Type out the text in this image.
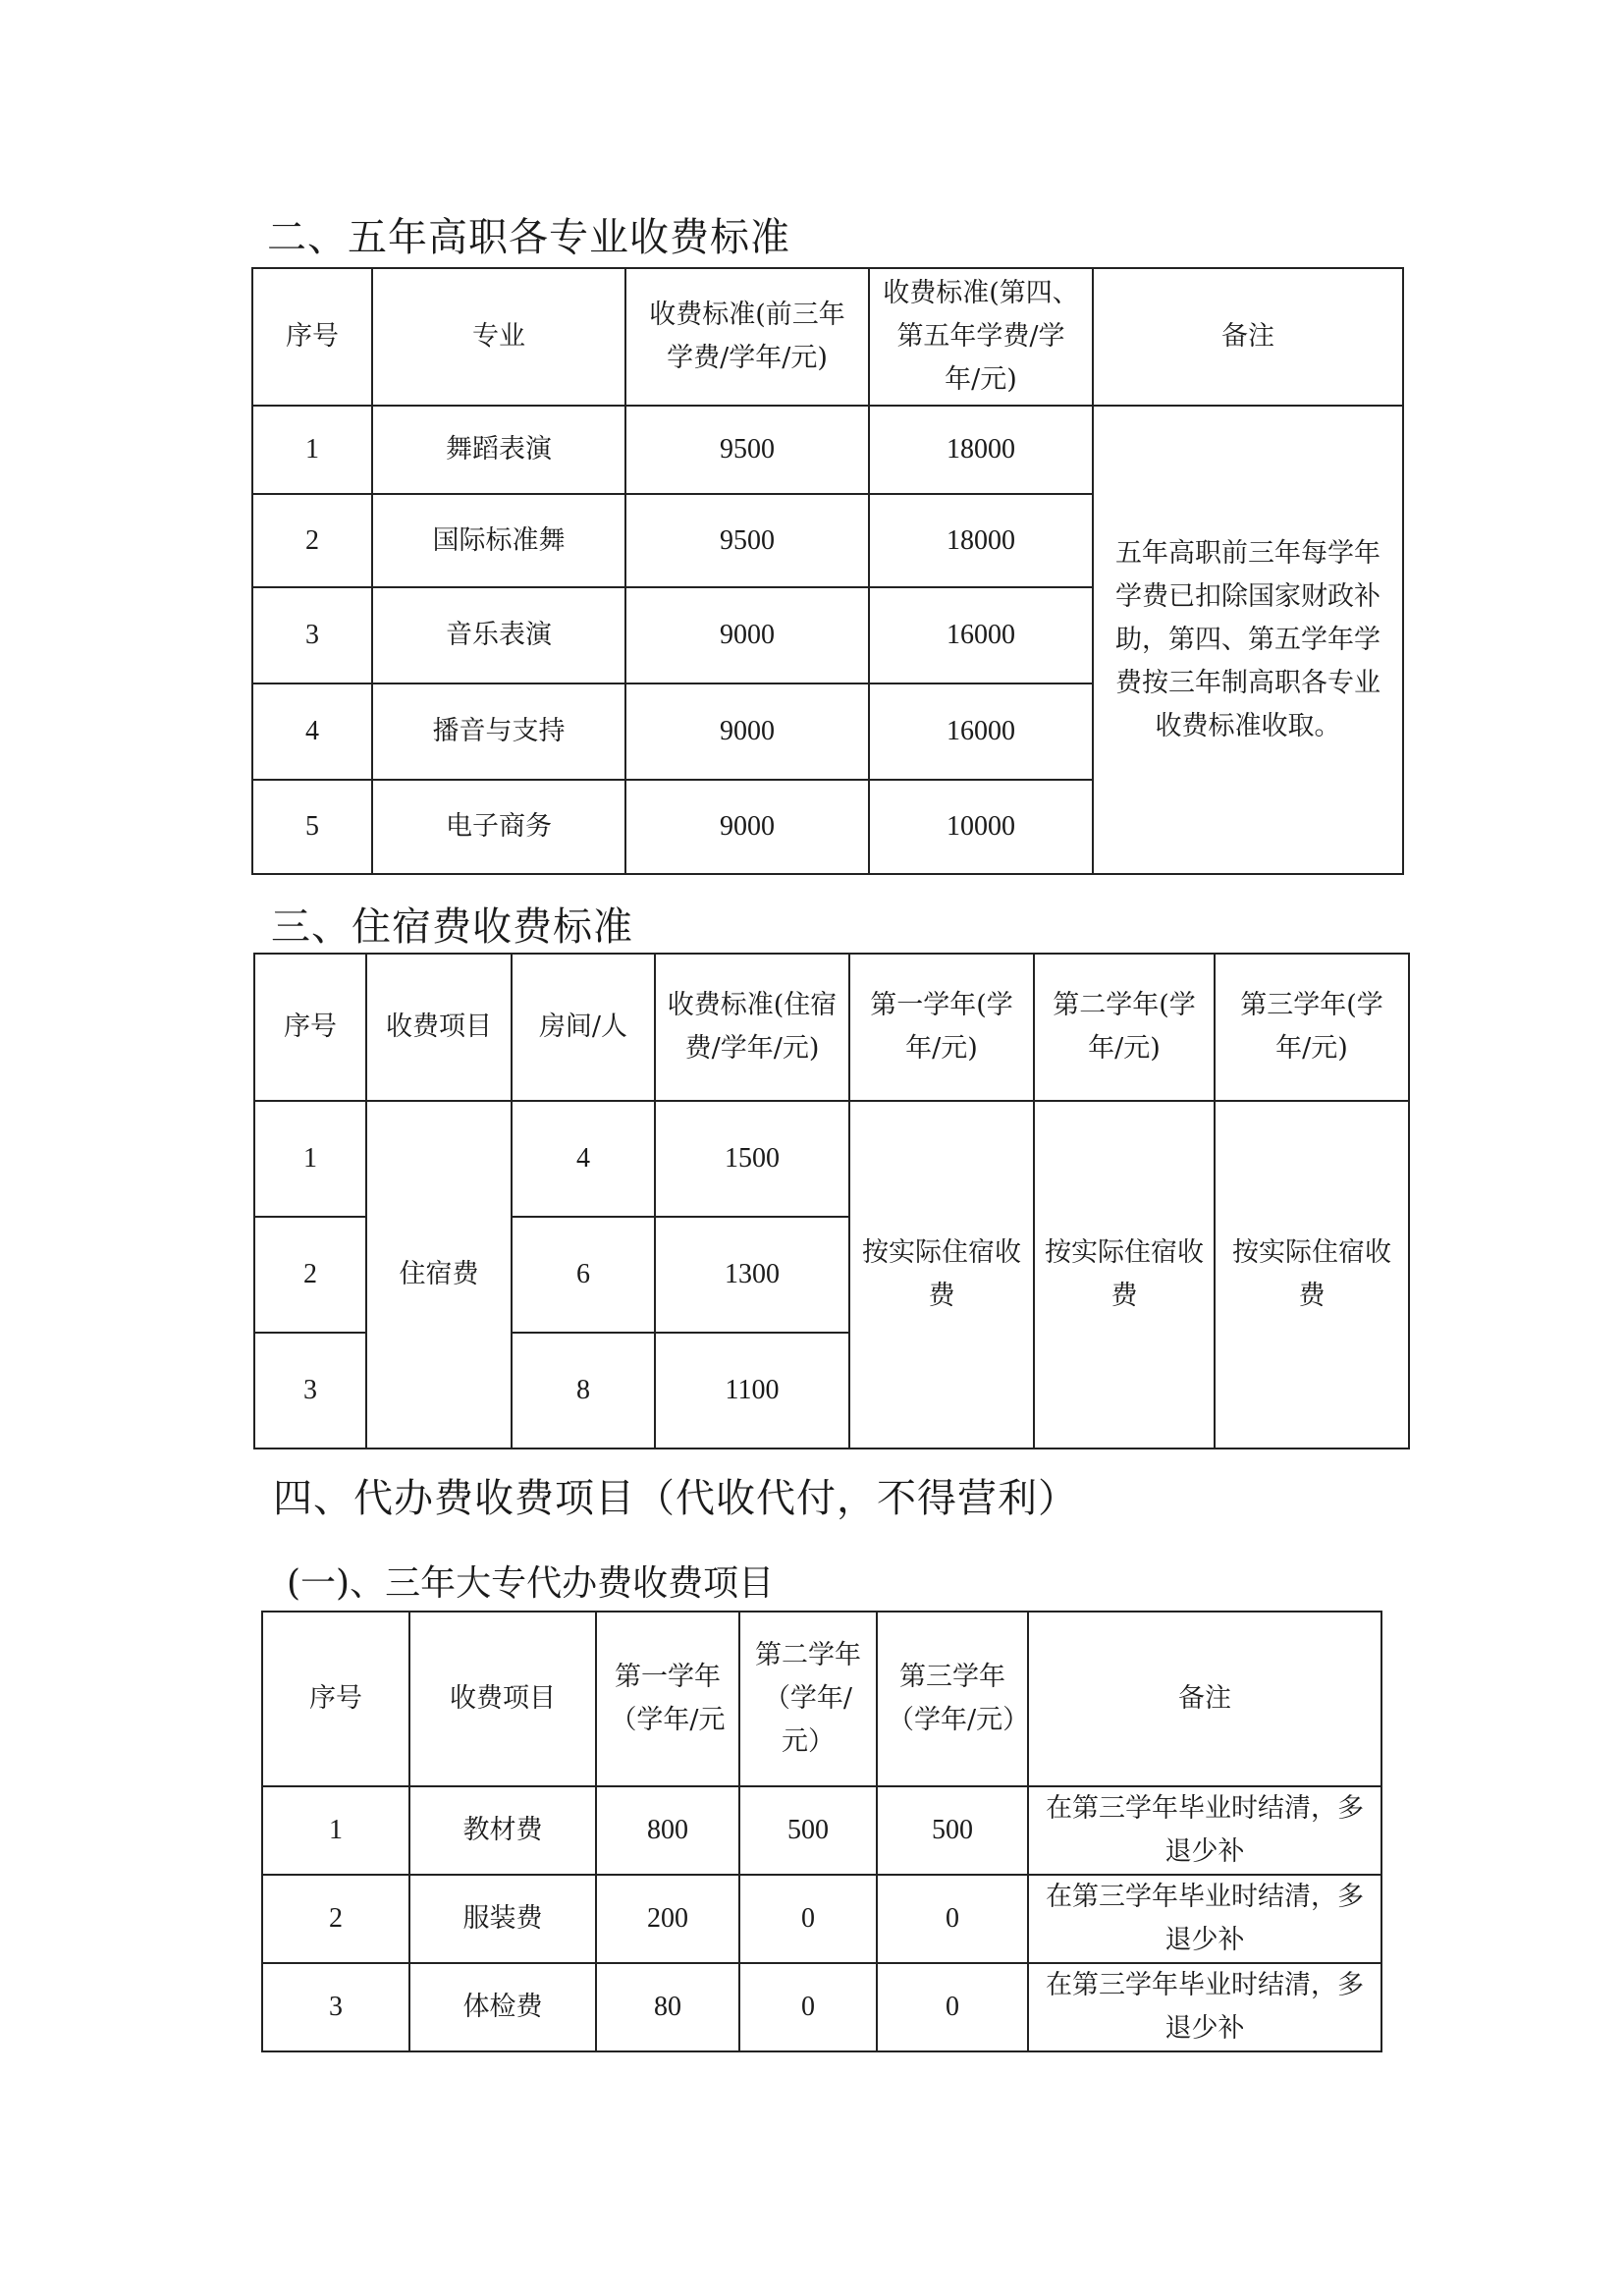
二、五年高职各专业收费标准
序号	专业	收费标准(前三年学费/学年/元)	收费标准(第四、第五年学费/学年/元)	备注
1	舞蹈表演	9500	18000	五年高职前三年每学年学费已扣除国家财政补助，第四、第五学年学费按三年制高职各专业收费标准收取。
2	国际标准舞	9500	18000	
3	音乐表演	9000	16000	
4	播音与支持	9000	16000	
5	电子商务	9000	10000	
三、住宿费收费标准
序号	收费项目	房间/人	收费标准(住宿费/学年/元)	第一学年(学年/元)	第二学年(学年/元)	第三学年(学年/元)
1	住宿费	4	1500	按实际住宿收费	按实际住宿收费	按实际住宿收费
2		6	1300			
3		8	1100			
四、代办费收费项目（代收代付，不得营利）
(一)、三年大专代办费收费项目
序号	收费项目	第一学年（学年/元	第二学年（学年/元）	第三学年（学年/元）	备注
1	教材费	800	500	500	在第三学年毕业时结清，多退少补
2	服装费	200	0	0	在第三学年毕业时结清，多退少补
3	体检费	80	0	0	在第三学年毕业时结清，多退少补
